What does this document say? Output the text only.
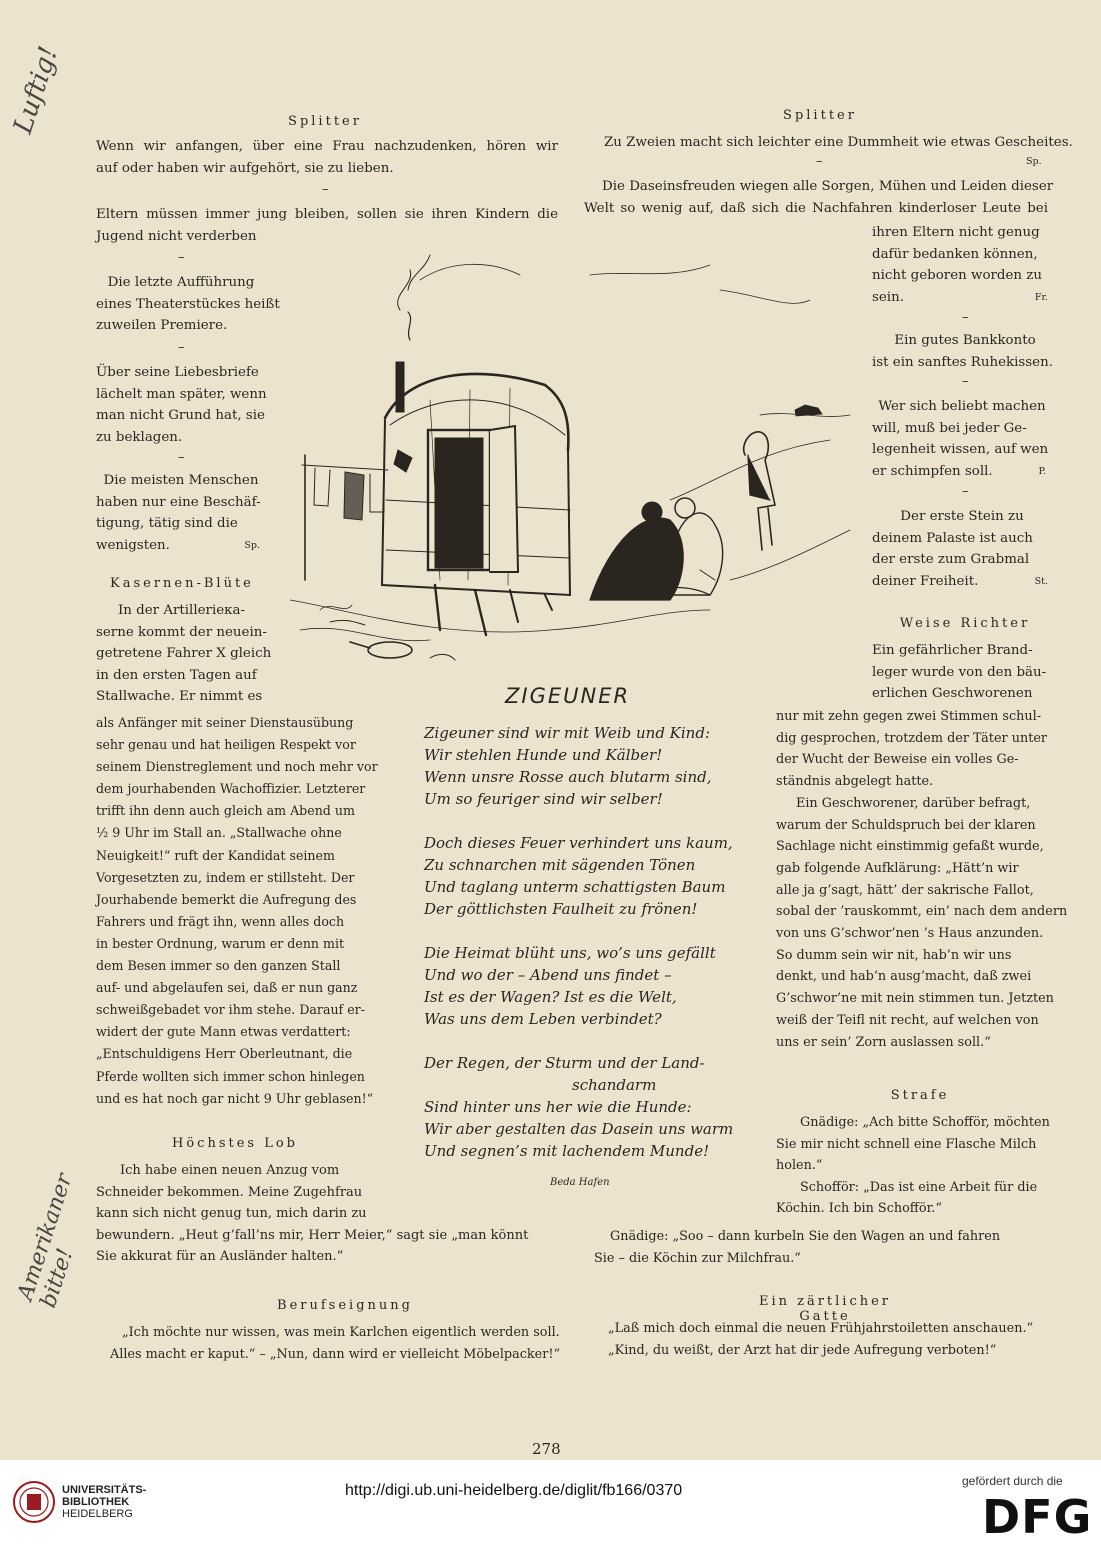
Luftig!
Amerikaner bitte!
Splitter
Wenn wir anfangen, über eine Frau nachzudenken, hören wir
auf oder haben wir aufgehört, sie zu lieben.
–
Eltern müssen immer jung bleiben, sollen sie ihren Kindern die
Jugend nicht verderben
–
Die letzte Aufführung
eines Theaterstückes heißt
zuweilen Premiere.
–
Über seine Liebesbriefe
lächelt man später, wenn
man nicht Grund hat, sie
zu beklagen.
–
Die meisten Menschen
haben nur eine Beschäf-
tigung, tätig sind die
wenigsten.	Sp.
Kasernen-Blüte
In der Artilleriека-
serne kommt der neuein-
getretene Fahrer X gleich
in den ersten Tagen auf
Stallwache. Er nimmt es
als Anfänger mit seiner Dienstausübung
sehr genau und hat heiligen Respekt vor
seinem Dienstreglement und noch mehr vor
dem jourhabenden Wachoffizier. Letzterer
trifft ihn denn auch gleich am Abend um
½ 9 Uhr im Stall an. „Stallwache ohne
Neuigkeit!“ ruft der Kandidat seinem
Vorgesetzten zu, indem er stillsteht. Der
Jourhabende bemerkt die Aufregung des
Fahrers und frägt ihn, wenn alles doch
in bester Ordnung, warum er denn mit
dem Besen immer so den ganzen Stall
auf- und abgelaufen sei, daß er nun ganz
schweißgebadet vor ihm stehe. Darauf er-
widert der gute Mann etwas verdattert:
„Entschuldigens Herr Oberleutnant, die
Pferde wollten sich immer schon hinlegen
und es hat noch gar nicht 9 Uhr geblasen!“
Höchstes Lob
Ich habe einen neuen Anzug vom
Schneider bekommen. Meine Zugehfrau
kann sich nicht genug tun, mich darin zu
bewundern. „Heut g’fall’ns mir, Herr Meier,“ sagt sie „man könnt
Sie akkurat für an Ausländer halten.“
Berufseignung
„Ich möchte nur wissen, was mein Karlchen eigentlich werden soll.
Alles macht er kaput.“ – „Nun, dann wird er vielleicht Möbelpacker!“
Splitter
Zu Zweien macht sich leichter eine Dummheit wie etwas Gescheites.
–	Sp.
Die Daseinsfreuden wiegen alle Sorgen, Mühen und Leiden dieser
Welt so wenig auf, daß sich die Nachfahren kinderloser Leute bei
ihren Eltern nicht genug
dafür bedanken können,
nicht geboren worden zu
sein.	Fr.
–
Ein gutes Bankkonto
ist ein sanftes Ruhekissen.
–
Wer sich beliebt machen
will, muß bei jeder Ge-
legenheit wissen, auf wen
er schimpfen soll.	P.
–
Der erste Stein zu
deinem Palaste ist auch
der erste zum Grabmal
deiner Freiheit.	St.
Weise Richter
Ein gefährlicher Brand-
leger wurde von den bäu-
erlichen Geschworenen
nur mit zehn gegen zwei Stimmen schul-
dig gesprochen, trotzdem der Täter unter
der Wucht der Beweise ein volles Ge-
ständnis abgelegt hatte.
Ein Geschworener, darüber befragt,
warum der Schuldspruch bei der klaren
Sachlage nicht einstimmig gefaßt wurde,
gab folgende Aufklärung: „Hätt’n wir
alle ja g’sagt, hätt’ der sakrische Fallot,
sobal der ’rauskommt, ein’ nach dem andern
von uns G’schwor’nen ’s Haus anzunden.
So dumm sein wir nit, hab’n wir uns
denkt, und hab’n ausg’macht, daß zwei
G’schwor’ne mit nein stimmen tun. Jetzten
weiß der Teifl nit recht, auf welchen von
uns er sein’ Zorn auslassen soll.“
Strafe
Gnädige: „Ach bitte Schofför, möchten
Sie mir nicht schnell eine Flasche Milch
holen.“
Schofför: „Das ist eine Arbeit für die
Köchin. Ich bin Schofför.“
Gnädige: „Soo – dann kurbeln Sie den Wagen an und fahren
Sie – die Köchin zur Milchfrau.“
Ein zärtlicher Gatte
„Laß mich doch einmal die neuen Frühjahrstoiletten anschauen.“
„Kind, du weißt, der Arzt hat dir jede Aufregung verboten!“
ZIGEUNER
Zigeuner sind wir mit Weib und Kind:
Wir stehlen Hunde und Kälber!
Wenn unsre Rosse auch blutarm sind,
Um so feuriger sind wir selber!
Doch dieses Feuer verhindert uns kaum,
Zu schnarchen mit sägenden Tönen
Und taglang unterm schattigsten Baum
Der göttlichsten Faulheit zu frönen!
Die Heimat blüht uns, wo’s uns gefällt
Und wo der – Abend uns findet –
Ist es der Wagen? Ist es die Welt,
Was uns dem Leben verbindet?
Der Regen, der Sturm und der Land-
schandarm
Sind hinter uns her wie die Hunde:
Wir aber gestalten das Dasein uns warm
Und segnen’s mit lachendem Munde!
Beda Hafen
278
UNIVERSITÄTS-
BIBLIOTHEK
HEIDELBERG
http://digi.ub.uni-heidelberg.de/diglit/fb166/0370
gefördert durch die
DFG
